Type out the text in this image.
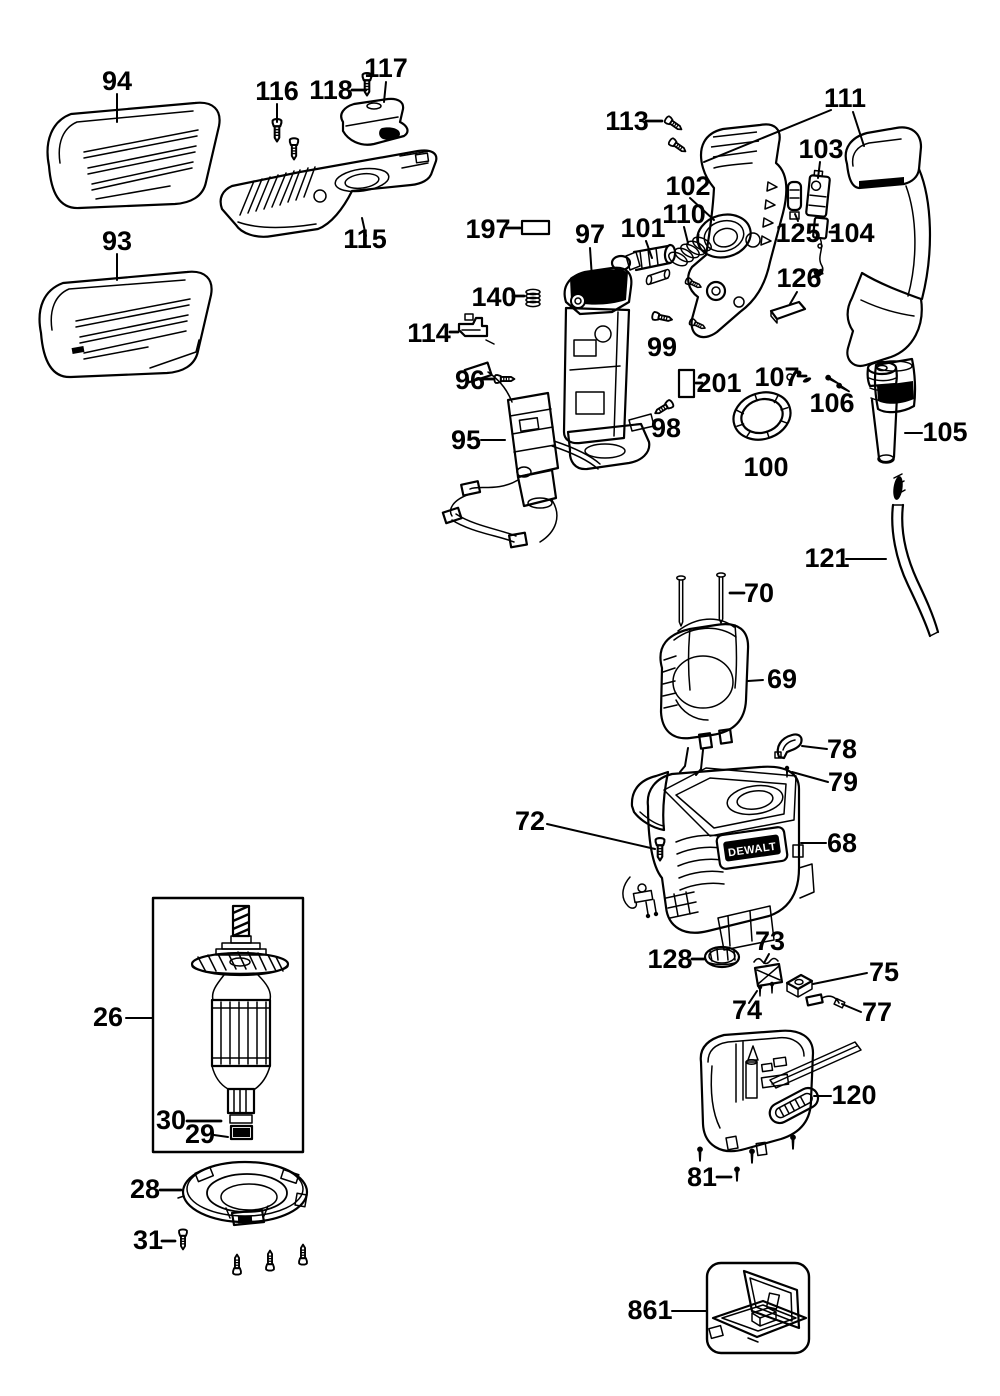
DEWALT
94
93
116 118
117
115
113
111
103
102
110
101
97
197	125 104
126
140
114
96
95
99
201
98
100
107
106
105
121
70
69
78
79
72
68
73
128
74
75
77
120
81
861
26
30
29
28
31
